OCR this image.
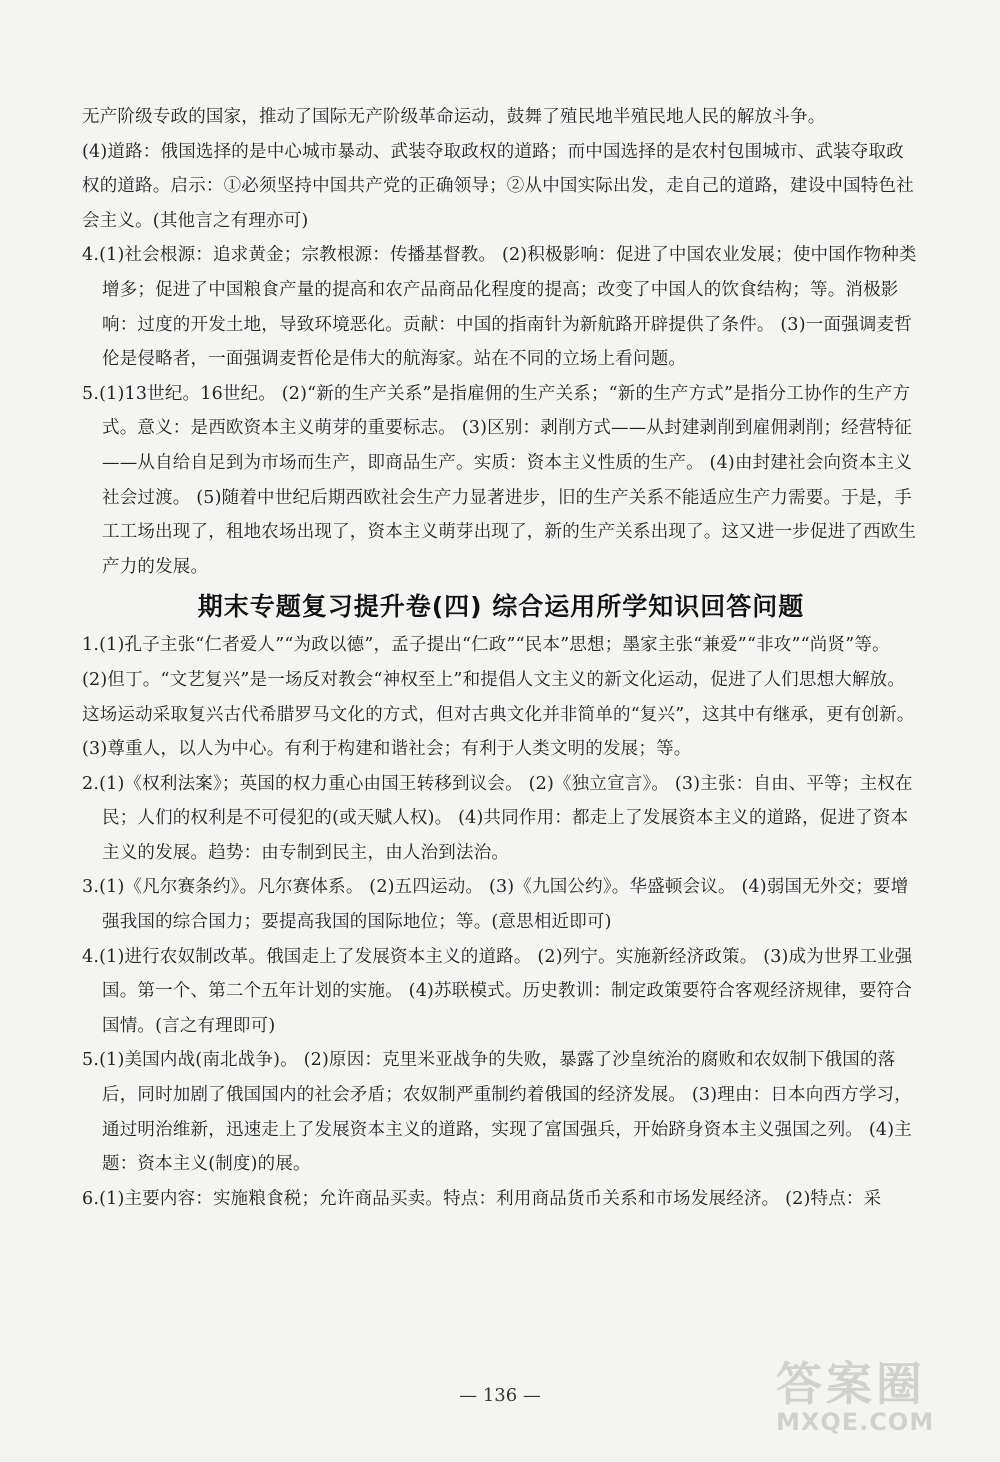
无产阶级专政的国家，推动了国际无产阶级革命运动，鼓舞了殖民地半殖民地人民的解放斗争。

(4)道路：俄国选择的是中心城市暴动、武装夺取政权的道路；而中国选择的是农村包围城市、武装夺取政权的道路。启示：①必须坚持中国共产党的正确领导；②从中国实际出发，走自己的道路，建设中国特色社会主义。(其他言之有理亦可)

4.(1)社会根源：追求黄金；宗教根源：传播基督教。 (2)积极影响：促进了中国农业发展；使中国作物种类增多；促进了中国粮食产量的提高和农产品商品化程度的提高；改变了中国人的饮食结构；等。消极影响：过度的开发土地，导致环境恶化。贡献：中国的指南针为新航路开辟提供了条件。 (3)一面强调麦哲伦是侵略者，一面强调麦哲伦是伟大的航海家。站在不同的立场上看问题。

5.(1)13世纪。16世纪。 (2)“新的生产关系”是指雇佣的生产关系；“新的生产方式”是指分工协作的生产方式。意义：是西欧资本主义萌芽的重要标志。 (3)区别：剥削方式——从封建剥削到雇佣剥削；经营特征——从自给自足到为市场而生产，即商品生产。实质：资本主义性质的生产。 (4)由封建社会向资本主义社会过渡。 (5)随着中世纪后期西欧社会生产力显著进步，旧的生产关系不能适应生产力需要。于是，手工工场出现了，租地农场出现了，资本主义萌芽出现了，新的生产关系出现了。这又进一步促进了西欧生产力的发展。

期末专题复习提升卷(四) 综合运用所学知识回答问题

1.(1)孔子主张“仁者爱人”“为政以德”，孟子提出“仁政”“民本”思想；墨家主张“兼爱”“非攻”“尚贤”等。

(2)但丁。“文艺复兴”是一场反对教会“神权至上”和提倡人文主义的新文化运动，促进了人们思想大解放。这场运动采取复兴古代希腊罗马文化的方式，但对古典文化并非简单的“复兴”，这其中有继承，更有创新。 (3)尊重人，以人为中心。有利于构建和谐社会；有利于人类文明的发展；等。

2.(1)《权利法案》；英国的权力重心由国王转移到议会。 (2)《独立宣言》。 (3)主张：自由、平等；主权在民；人们的权利是不可侵犯的(或天赋人权)。 (4)共同作用：都走上了发展资本主义的道路，促进了资本主义的发展。趋势：由专制到民主，由人治到法治。

3.(1)《凡尔赛条约》。凡尔赛体系。 (2)五四运动。 (3)《九国公约》。华盛顿会议。 (4)弱国无外交；要增强我国的综合国力；要提高我国的国际地位；等。(意思相近即可)

4.(1)进行农奴制改革。俄国走上了发展资本主义的道路。 (2)列宁。实施新经济政策。 (3)成为世界工业强国。第一个、第二个五年计划的实施。 (4)苏联模式。历史教训：制定政策要符合客观经济规律，要符合国情。(言之有理即可)

5.(1)美国内战(南北战争)。 (2)原因：克里米亚战争的失败，暴露了沙皇统治的腐败和农奴制下俄国的落后，同时加剧了俄国国内的社会矛盾；农奴制严重制约着俄国的经济发展。 (3)理由：日本向西方学习，通过明治维新，迅速走上了发展资本主义的道路，实现了富国强兵，开始跻身资本主义强国之列。 (4)主题：资本主义(制度)的展。

6.(1)主要内容：实施粮食税；允许商品买卖。特点：利用商品货币关系和市场发展经济。 (2)特点：采

— 136 —	答案圈
MXQE.COM
